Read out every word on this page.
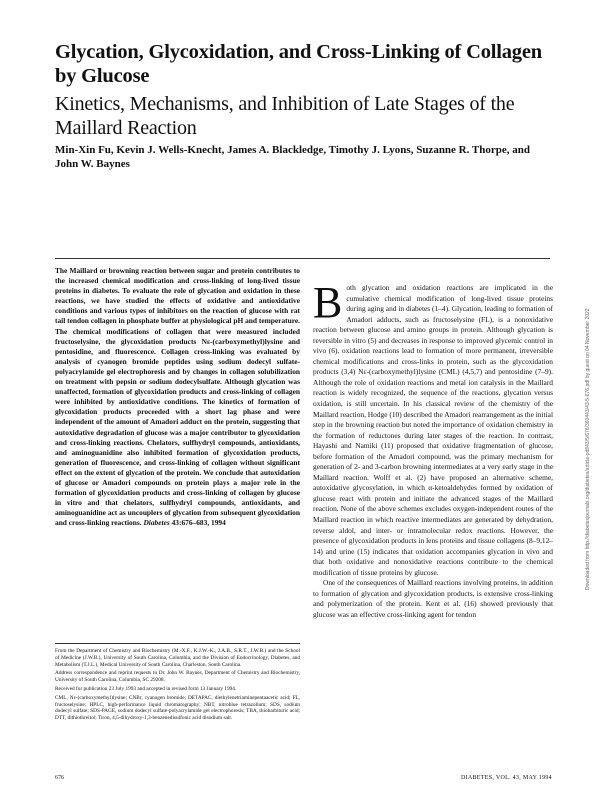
Glycation, Glycoxidation, and Cross-Linking of Collagen by Glucose
Kinetics, Mechanisms, and Inhibition of Late Stages of the Maillard Reaction

Min-Xin Fu, Kevin J. Wells-Knecht, James A. Blackledge, Timothy J. Lyons, Suzanne R. Thorpe, and John W. Baynes

The Maillard or browning reaction between sugar and protein contributes to the increased chemical modification and cross-linking of long-lived tissue proteins in diabetes. To evaluate the role of glycation and oxidation in these reactions, we have studied the effects of oxidative and antioxidative conditions and various types of inhibitors on the reaction of glucose with rat tail tendon collagen in phosphate buffer at physiological pH and temperature. The chemical modifications of collagen that were measured included fructoselysine, the glycoxidation products Nε-(carboxymethyl)lysine and pentosidine, and fluorescence. Collagen cross-linking was evaluated by analysis of cyanogen bromide peptides using sodium dodecyl sulfate-polyacrylamide gel electrophoresis and by changes in collagen solubilization on treatment with pepsin or sodium dodecylsulfate. Although glycation was unaffected, formation of glycoxidation products and cross-linking of collagen were inhibited by antioxidative conditions. The kinetics of formation of glycoxidation products proceeded with a short lag phase and were independent of the amount of Amadori adduct on the protein, suggesting that autoxidative degradation of glucose was a major contributor to glycoxidation and cross-linking reactions. Chelators, sulfhydryl compounds, antioxidants, and aminoguanidine also inhibited formation of glycoxidation products, generation of fluorescence, and cross-linking of collagen without significant effect on the extent of glycation of the protein. We conclude that autoxidation of glucose or Amadori compounds on protein plays a major role in the formation of glycoxidation products and cross-linking of collagen by glucose in vitro and that chelators, sulfhydryl compounds, antioxidants, and aminoguanidine act as uncouplers of glycation from subsequent glycoxidation and cross-linking reactions. Diabetes 43:676–683, 1994

From the Department of Chemistry and Biochemistry (M.-X.F., K.J.W.-K., J.A.B., S.R.T., J.W.B.) and the School of Medicine (J.W.B.), University of South Carolina, Columbia, and the Division of Endocrinology, Diabetes, and Metabolism (T.J.L.), Medical University of South Carolina, Charleston, South Carolina.

Address correspondence and reprint requests to Dr. John W. Baynes, Department of Chemistry and Biochemistry, University of South Carolina, Columbia, SC 29208.

Received for publication 23 July 1993 and accepted in revised form 13 January 1994.

CML, Nε-(carboxymethyl)lysine; CNBr, cyanogen bromide; DETAPAC, diethylenetriaminepentaacetic acid; FL, fructoselysine; HPLC, high-performance liquid chromatography; NBT, nitroblue tetrazolium; SDS, sodium dodecyl sulfate; SDS-PAGE, sodium dodecyl sulfate-polyacrylamide gel electrophoresis; TBA, thiobarbituric acid; DTT, dithiothreitol; Tiron, 4,5-dihydroxy-1,3-benzenedisulfonic acid disodium salt.

Both glycation and oxidation reactions are implicated in the cumulative chemical modification of long-lived tissue proteins during aging and in diabetes (1–4). Glycation, leading to formation of Amadori adducts, such as fructoselysine (FL), is a nonoxidative reaction between glucose and amino groups in protein. Although glycation is reversible in vitro (5) and decreases in response to improved glycemic control in vivo (6), oxidation reactions lead to formation of more permanent, irreversible chemical modifications and cross-links in protein, such as the glycoxidation products (3,4) Nε-(carboxymethyl)lysine (CML) (4,5,7) and pentosidine (7–9). Although the role of oxidation reactions and metal ion catalysis in the Maillard reaction is widely recognized, the sequence of the reactions, glycation versus oxidation, is still uncertain. In his classical review of the chemistry of the Maillard reaction, Hodge (10) described the Amadori rearrangement as the initial step in the browning reaction but noted the importance of oxidation chemistry in the formation of reductones during later stages of the reaction. In contrast, Hayashi and Namiki (11) proposed that oxidative fragmentation of glucose, before formation of the Amadori compound, was the primary mechanism for generation of 2- and 3-carbon browning intermediates at a very early stage in the Maillard reaction. Wolff et al. (2) have proposed an alternative scheme, autoxidative glycosylation, in which α-ketoaldehydes formed by oxidation of glucose react with protein and initiate the advanced stages of the Maillard reaction. None of the above schemes excludes oxygen-independent routes of the Maillard reaction in which reactive intermediates are generated by dehydration, reverse aldol, and inter- or intramolecular redox reactions. However, the presence of glycoxidation products in lens proteins and tissue collagens (8–9,12–14) and urine (15) indicates that oxidation accompanies glycation in vivo and that both oxidative and nonoxidative reactions contribute to the chemical modification of tissue proteins by glucose.

One of the consequences of Maillard reactions involving proteins, in addition to formation of glycation and glycoxidation products, is extensive cross-linking and polymerization of the protein. Kent et al. (16) showed previously that glucose was an effective cross-linking agent for tendon

Downloaded from http://diabetesjournals.org/diabetes/article-pdf/43/5/676/360443/43-5-676.pdf by guest on 04 November 2022
676	DIABETES, VOL. 43, MAY 1994
